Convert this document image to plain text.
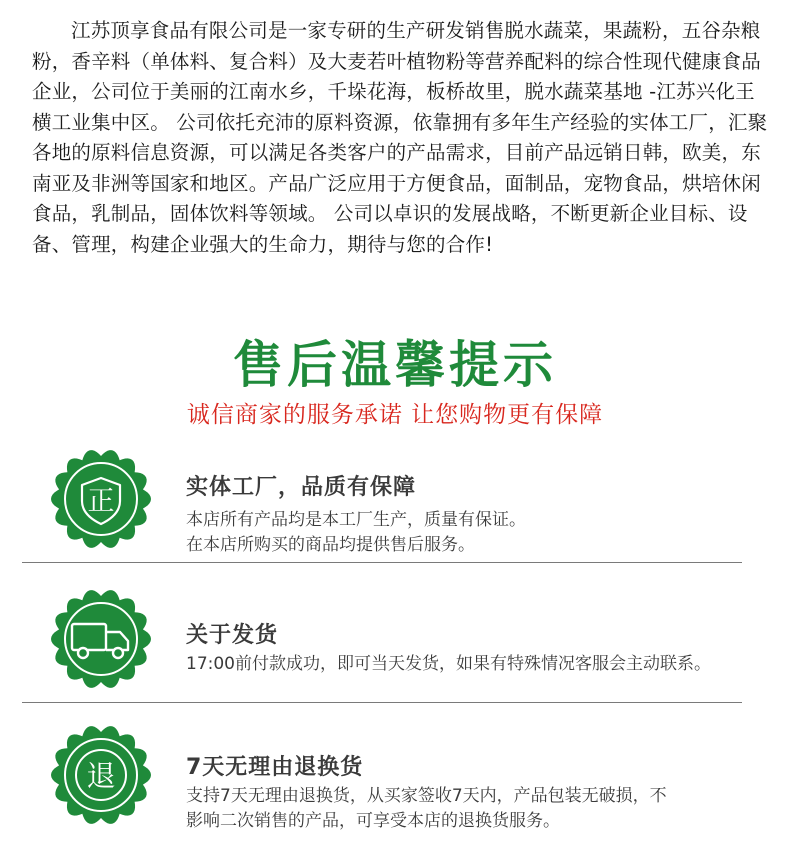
江苏顶享食品有限公司是一家专研的生产研发销售脱水蔬菜，果蔬粉，五谷杂粮粉，香辛料（单体料、复合料）及大麦若叶植物粉等营养配料的综合性现代健康食品企业，公司位于美丽的江南水乡，千垛花海，板桥故里，脱水蔬菜基地 -江苏兴化王横工业集中区。 公司依托充沛的原料资源，依靠拥有多年生产经验的实体工厂，汇聚各地的原料信息资源，可以满足各类客户的产品需求，目前产品远销日韩，欧美，东南亚及非洲等国家和地区。产品广泛应用于方便食品，面制品，宠物食品，烘培休闲食品，乳制品，固体饮料等领域。 公司以卓识的发展战略，不断更新企业目标、设备、管理，构建企业强大的生命力，期待与您的合作!

售后温馨提示

诚信商家的服务承诺 让您购物更有保障

正	实体工厂，品质有保障

本店所有产品均是本工厂生产，质量有保证。
在本店所购买的商品均提供售后服务。

关于发货

17:00前付款成功，即可当天发货，如果有特殊情况客服会主动联系。

退	7天无理由退换货

支持7天无理由退换货，从买家签收7天内，产品包装无破损，不
影响二次销售的产品，可享受本店的退换货服务。
